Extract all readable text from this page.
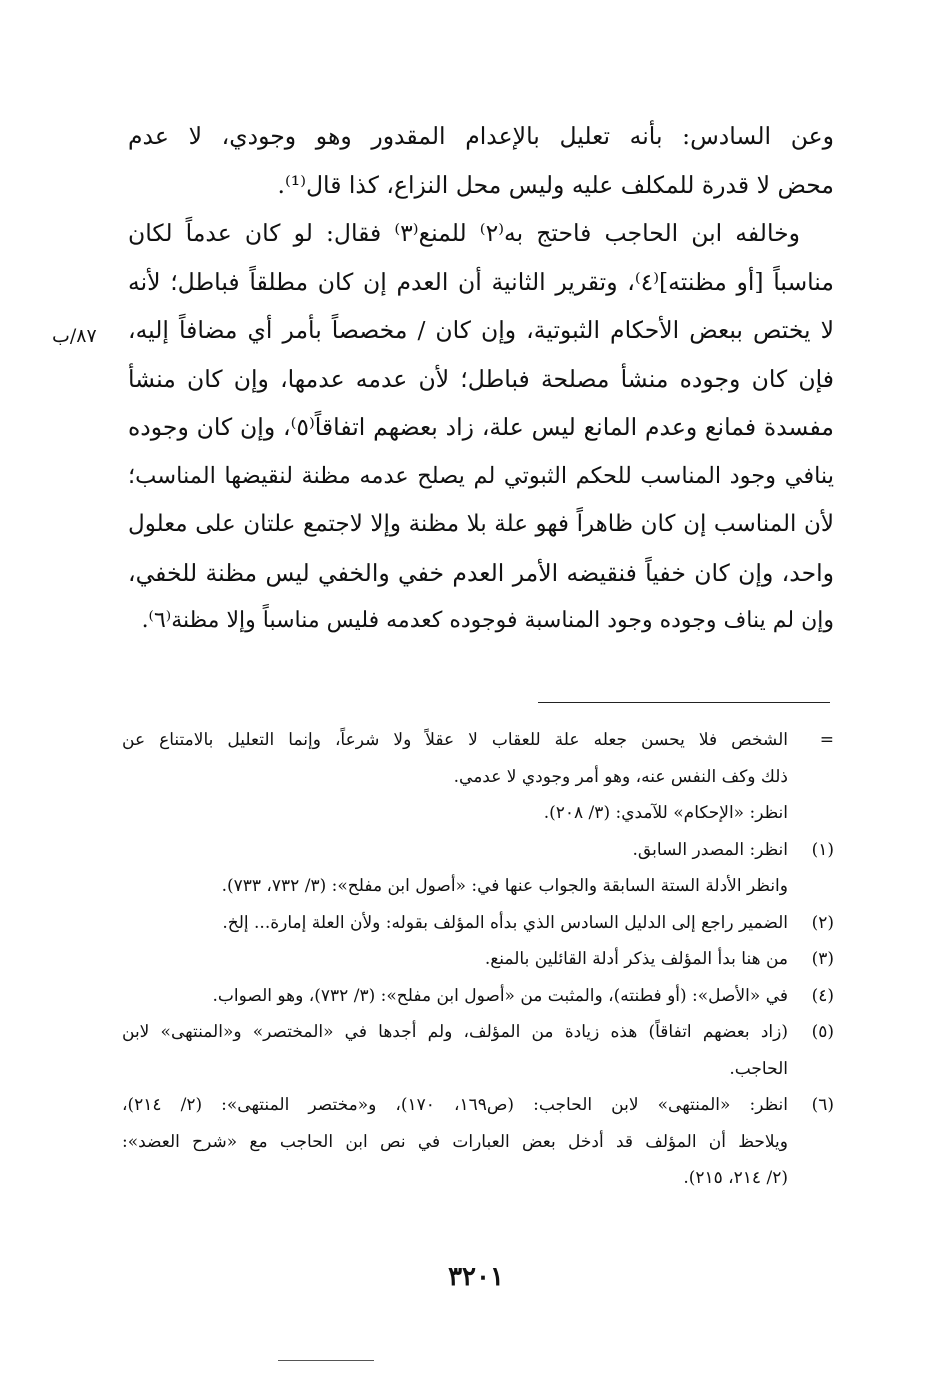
وعن السادس: بأنه تعليل بالإعدام المقدور وهو وجودي، لا عدم
محض لا قدرة للمكلف عليه وليس محل النزاع، كذا قال⁽¹⁾.
وخالفه ابن الحاجب فاحتج به⁽٢⁾ للمنع⁽٣⁾ فقال: لو كان عدماً لكان
مناسباً [أو مظنته]⁽٤⁾، وتقرير الثانية أن العدم إن كان مطلقاً فباطل؛ لأنه
لا يختص ببعض الأحكام الثبوتية، وإن كان / مخصصاً بأمر أي مضافاً إليه،
فإن كان وجوده منشأ مصلحة فباطل؛ لأن عدمه عدمها، وإن كان منشأ
مفسدة فمانع وعدم المانع ليس علة، زاد بعضهم اتفاقاً⁽٥⁾، وإن كان وجوده
ينافي وجود المناسب للحكم الثبوتي لم يصلح عدمه مظنة لنقيضها المناسب؛
لأن المناسب إن كان ظاهراً فهو علة بلا مظنة وإلا لاجتمع علتان على معلول
واحد، وإن كان خفياً فنقيضه الأمر العدم خفي والخفي ليس مظنة للخفي،
وإن لم يناف وجوده وجود المناسبة فوجوده كعدمه فليس مناسباً وإلا مظنة⁽٦⁾.
٨٧/ب
=
الشخص فلا يحسن جعله علة للعقاب لا عقلاً ولا شرعاً، وإنما التعليل بالامتناع عن
ذلك وكف النفس عنه، وهو أمر وجودي لا عدمي.
انظر: «الإحكام» للآمدي: (٣/ ٢٠٨).
(١)
انظر: المصدر السابق.
وانظر الأدلة الستة السابقة والجواب عنها في: «أصول ابن مفلح»: (٣/ ٧٣٢، ٧٣٣).
(٢)
الضمير راجع إلى الدليل السادس الذي بدأه المؤلف بقوله: ولأن العلة إمارة... إلخ.
(٣)
من هنا بدأ المؤلف يذكر أدلة القائلين بالمنع.
(٤)
في «الأصل»: (أو فطنته)، والمثبت من «أصول ابن مفلح»: (٣/ ٧٣٢)، وهو الصواب.
(٥)
(زاد بعضهم اتفاقاً) هذه زيادة من المؤلف، ولم أجدها في «المختصر» و«المنتهى» لابن
الحاجب.
(٦)
انظر: «المنتهى» لابن الحاجب: (ص١٦٩، ١٧٠)، و«مختصر المنتهى»: (٢/ ٢١٤)،
ويلاحظ أن المؤلف قد أدخل بعض العبارات في نص ابن الحاجب مع «شرح العضد»:
(٢/ ٢١٤، ٢١٥).
٣٢٠١
